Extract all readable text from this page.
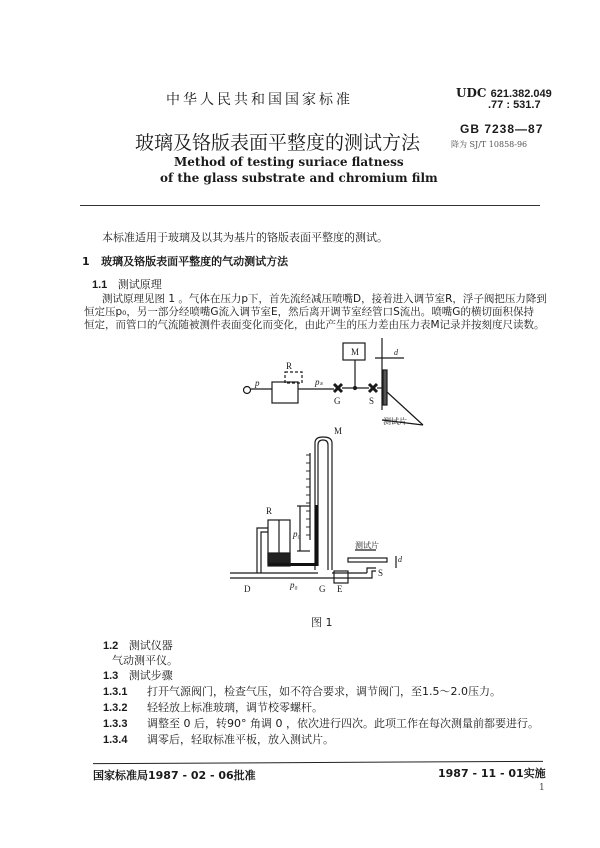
中华人民共和国国家标准	UDC 621.382.049
.77 : 531.7
玻璃及铬版表面平整度的测试方法
GB 7238—87
降为 SJ/T 10858-96
Method of testing suriace flatness
of the glass substrate and chromium film
本标准适用于玻璃及以其为基片的铬版表面平整度的测试。
1 玻璃及铬版表面平整度的气动测试方法
1.1 测试原理
测试原理见图 1 。气体在压力p下，首先流经减压喷嘴D，接着进入调节室R，浮子阀把压力降到
恒定压p₀，另一部分经喷嘴G流入调节室E，然后离开调节室经管口S流出。喷嘴G的横切面积保持
恒定，而管口的气流随被测件表面变化而变化，由此产生的压力差由压力表M记录并按刻度尺读数。
p
R
pₛ
M
G	S
d
测试片
R
M
p₀
D	p₀ G E
S
测试片
d
图 1
1.2 测试仪器
气动测平仪。
1.3 测试步骤
1.3.1 打开气源阀门，检查气压，如不符合要求，调节阀门，至1.5～2.0压力。
1.3.2 轻轻放上标准玻璃，调节校零螺杆。
1.3.3 调整至 0 后，转90° 角调 0 ，依次进行四次。此项工作在每次测量前都要进行。
1.3.4 调零后，轻取标准平板，放入测试片。
国家标准局1987 - 02 - 06批准	1987 - 11 - 01实施
1
